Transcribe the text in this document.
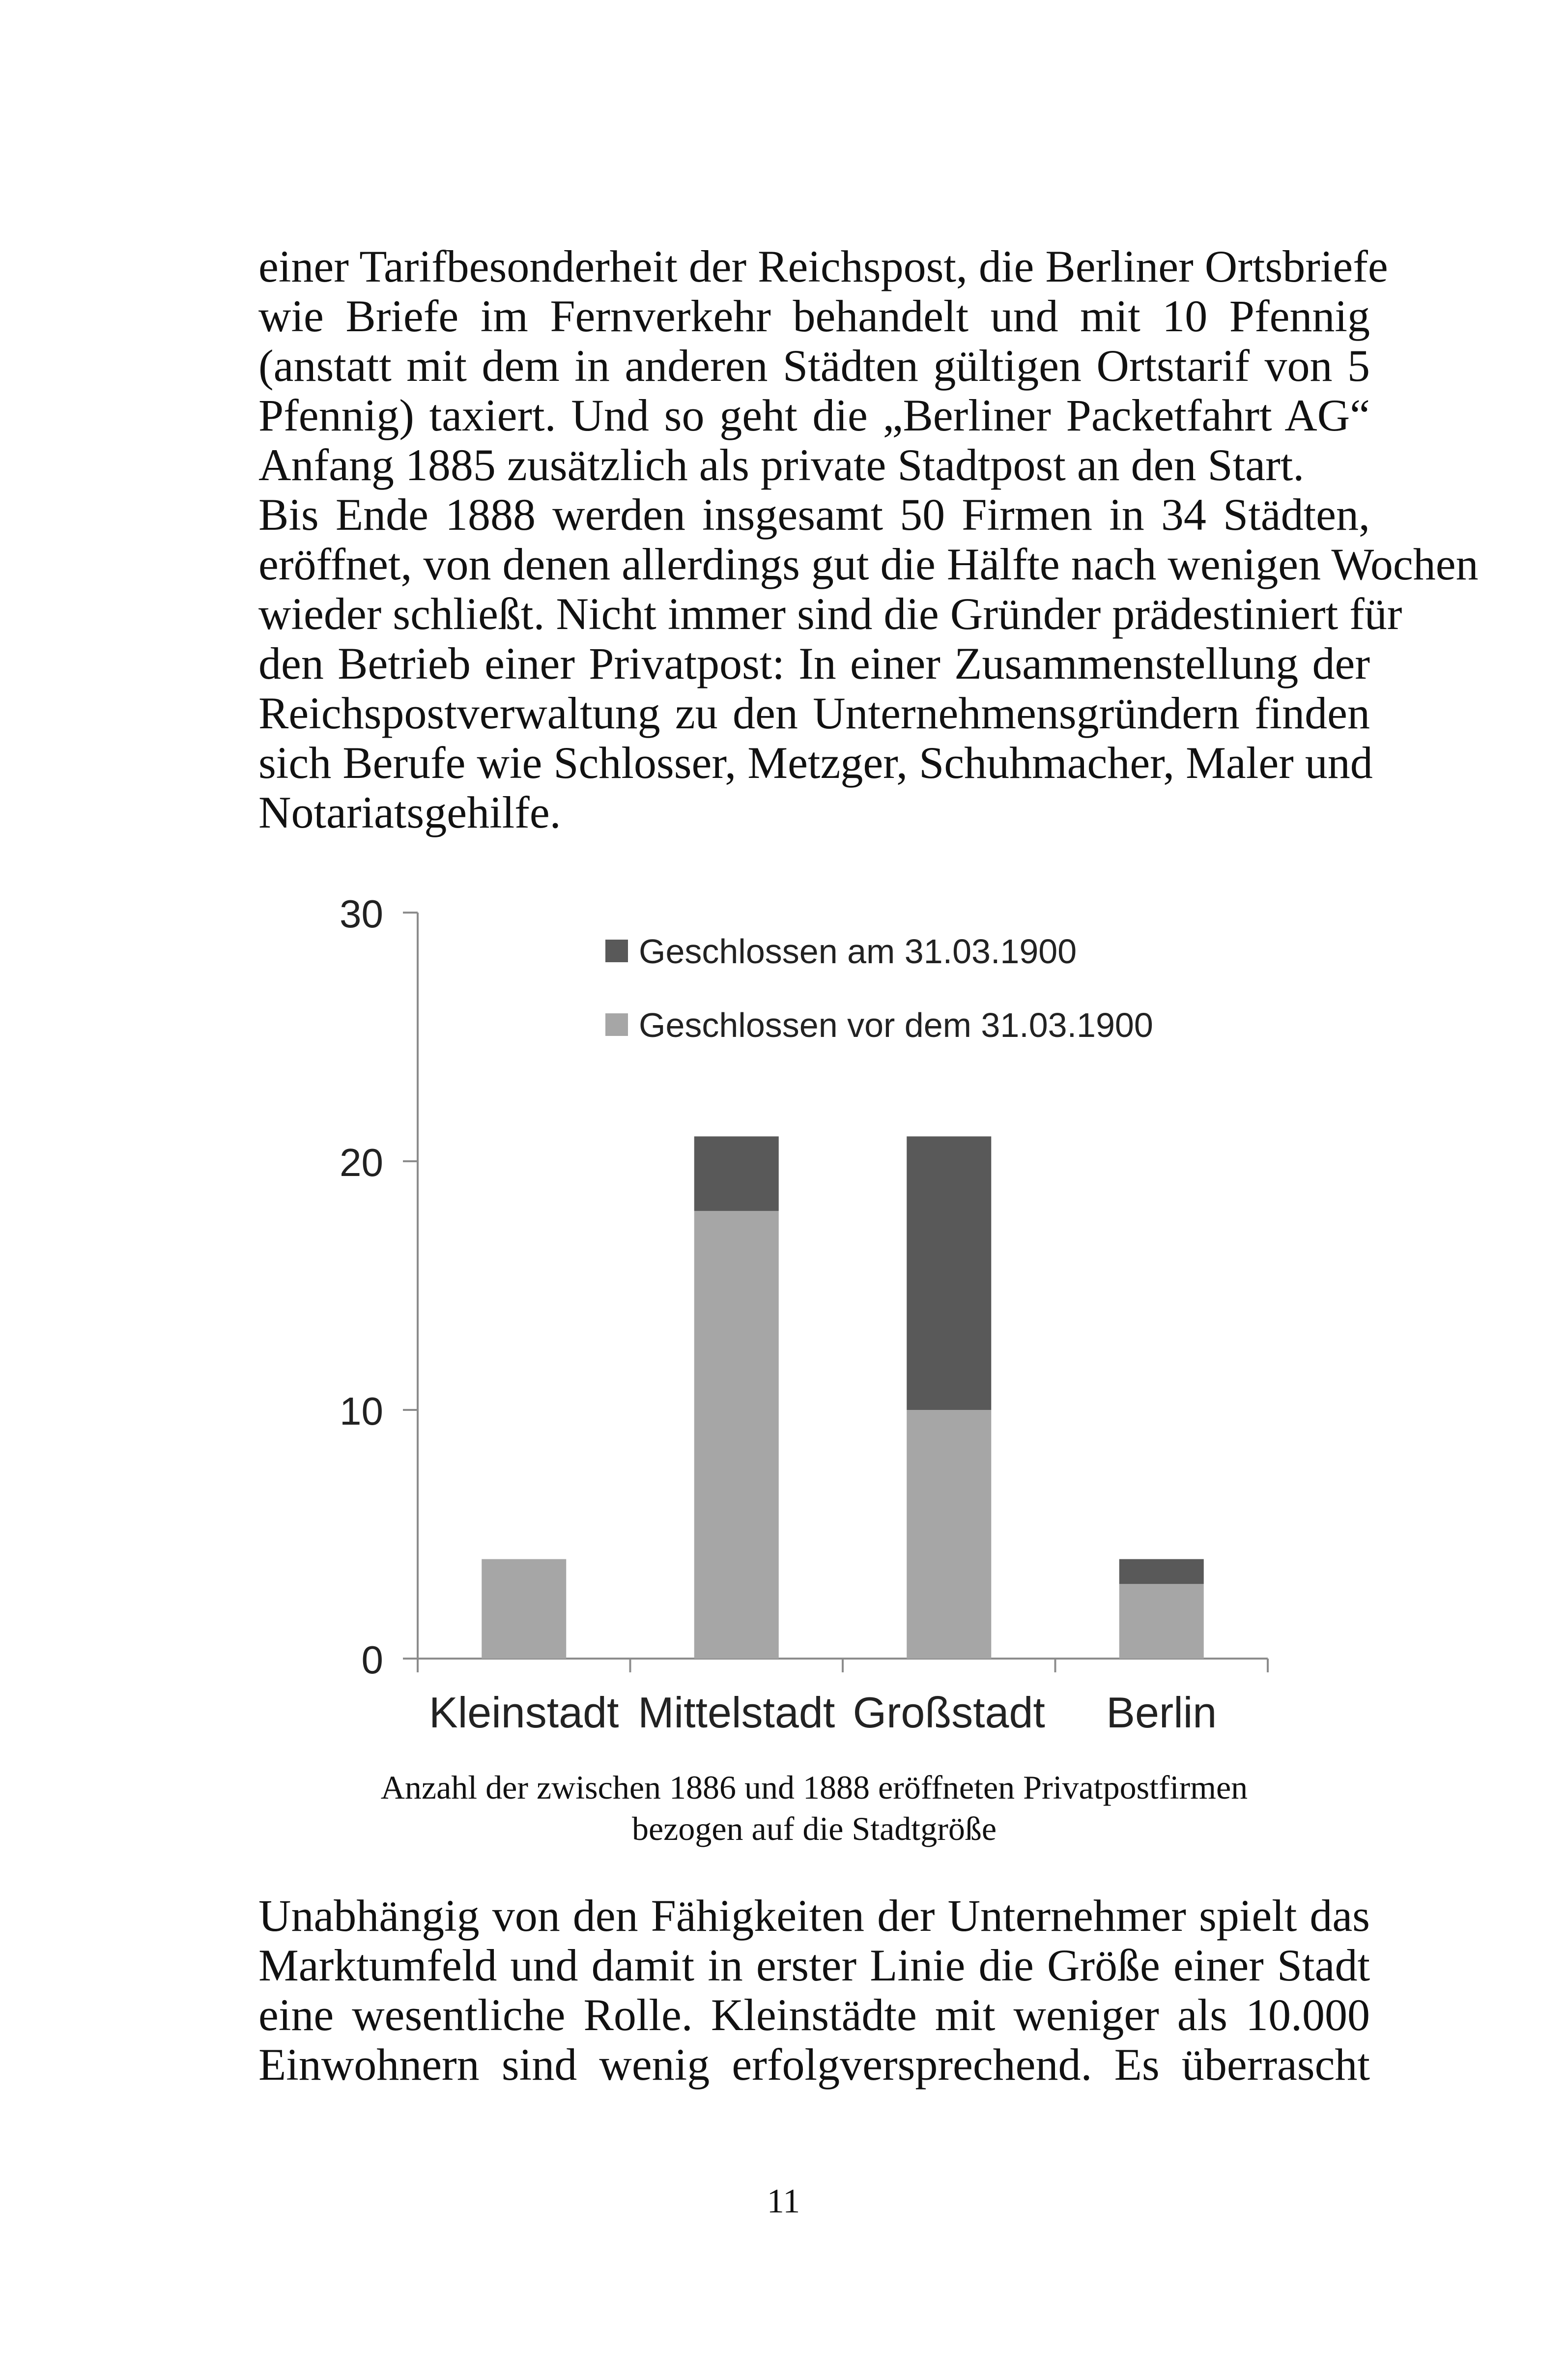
einer Tarifbesonderheit der Reichspost, die Berliner Ortsbriefe
wie Briefe im Fernverkehr behandelt und mit 10 Pfennig
(anstatt mit dem in anderen Städten gültigen Ortstarif von 5
Pfennig) taxiert. Und so geht die „Berliner Packetfahrt AG“
Anfang 1885 zusätzlich als private Stadtpost an den Start.
Bis Ende 1888 werden insgesamt 50 Firmen in 34 Städten,
eröffnet, von denen allerdings gut die Hälfte nach wenigen Wochen
wieder schließt. Nicht immer sind die Gründer prädestiniert für
den Betrieb einer Privatpost: In einer Zusammenstellung der
Reichspostverwaltung zu den Unternehmensgründern finden
sich Berufe wie Schlosser, Metzger, Schuhmacher, Maler und
Notariatsgehilfe.
Geschlossen am 31.03.1900
Geschlossen vor dem 31.03.1900
0
10
20
30
Kleinstadt Mittelstadt Großstadt Berlin
Anzahl der zwischen 1886 und 1888 eröffneten Privatpostfirmen
bezogen auf die Stadtgröße
Unabhängig von den Fähigkeiten der Unternehmer spielt das
Marktumfeld und damit in erster Linie die Größe einer Stadt
eine wesentliche Rolle. Kleinstädte mit weniger als 10.000
Einwohnern sind wenig erfolgversprechend. Es überrascht
11
